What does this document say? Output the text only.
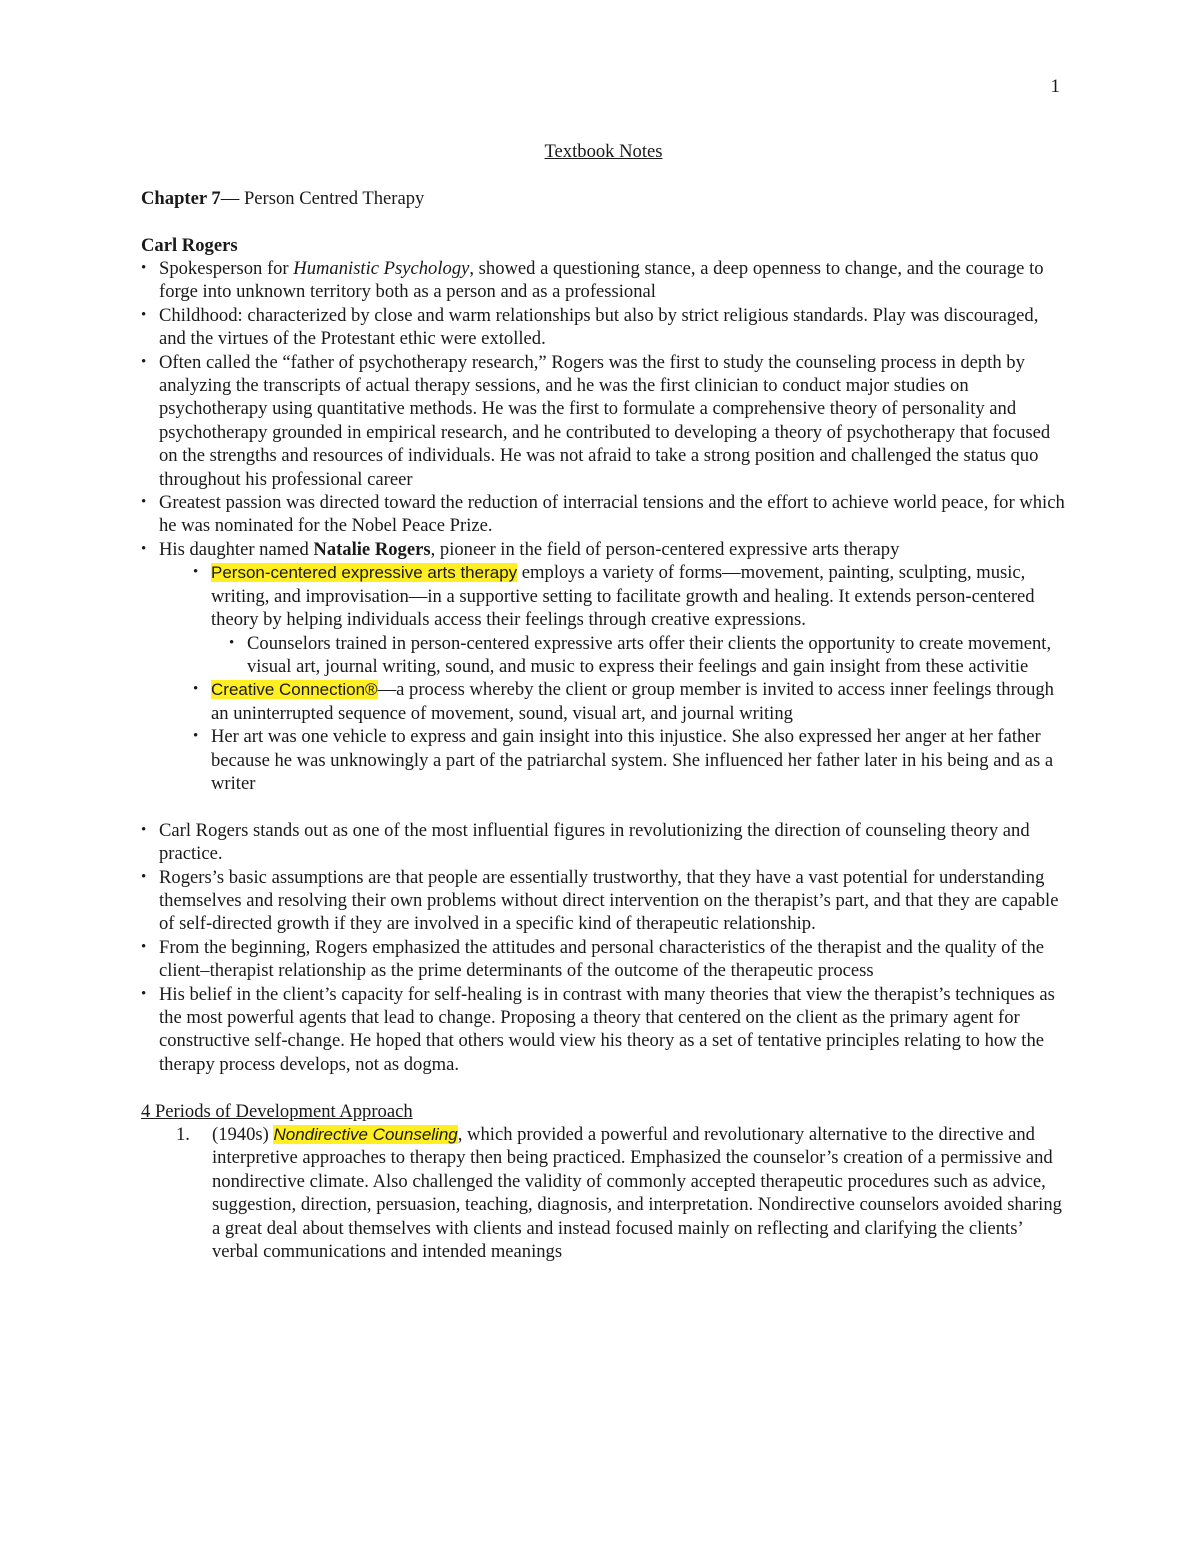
1

Textbook Notes

Chapter 7— Person Centred Therapy

Carl Rogers

• Spokesperson for Humanistic Psychology, showed a questioning stance, a deep openness to change, and the courage to forge into unknown territory both as a person and as a professional
• Childhood: characterized by close and warm relationships but also by strict religious standards. Play was discouraged, and the virtues of the Protestant ethic were extolled.
• Often called the “father of psychotherapy research,” Rogers was the first to study the counseling process in depth by analyzing the transcripts of actual therapy sessions, and he was the first clinician to conduct major studies on psychotherapy using quantitative methods. He was the first to formulate a comprehensive theory of personality and psychotherapy grounded in empirical research, and he contributed to developing a theory of psychotherapy that focused on the strengths and resources of individuals. He was not afraid to take a strong position and challenged the status quo throughout his professional career
• Greatest passion was directed toward the reduction of interracial tensions and the effort to achieve world peace, for which he was nominated for the Nobel Peace Prize.
• His daughter named Natalie Rogers, pioneer in the field of person-centered expressive arts therapy
• Person-centered expressive arts therapy employs a variety of forms—movement, painting, sculpting, music, writing, and improvisation—in a supportive setting to facilitate growth and healing. It extends person-centered theory by helping individuals access their feelings through creative expressions.
• Counselors trained in person-centered expressive arts offer their clients the opportunity to create movement, visual art, journal writing, sound, and music to express their feelings and gain insight from these activitie
• Creative Connection®—a process whereby the client or group member is invited to access inner feelings through an uninterrupted sequence of movement, sound, visual art, and journal writing
• Her art was one vehicle to express and gain insight into this injustice. She also expressed her anger at her father because he was unknowingly a part of the patriarchal system. She influenced her father later in his being and as a writer
• Carl Rogers stands out as one of the most influential figures in revolutionizing the direction of counseling theory and practice.
• Rogers’s basic assumptions are that people are essentially trustworthy, that they have a vast potential for understanding themselves and resolving their own problems without direct intervention on the therapist’s part, and that they are capable of self-directed growth if they are involved in a specific kind of therapeutic relationship.
• From the beginning, Rogers emphasized the attitudes and personal characteristics of the therapist and the quality of the client–therapist relationship as the prime determinants of the outcome of the therapeutic process
• His belief in the client’s capacity for self-healing is in contrast with many theories that view the therapist’s techniques as the most powerful agents that lead to change. Proposing a theory that centered on the client as the primary agent for constructive self-change. He hoped that others would view his theory as a set of tentative principles relating to how the therapy process develops, not as dogma.

4 Periods of Development Approach

1. (1940s) Nondirective Counseling, which provided a powerful and revolutionary alternative to the directive and interpretive approaches to therapy then being practiced. Emphasized the counselor’s creation of a permissive and nondirective climate. Also challenged the validity of commonly accepted therapeutic procedures such as advice, suggestion, direction, persuasion, teaching, diagnosis, and interpretation. Nondirective counselors avoided sharing a great deal about themselves with clients and instead focused mainly on reflecting and clarifying the clients’ verbal communications and intended meanings
